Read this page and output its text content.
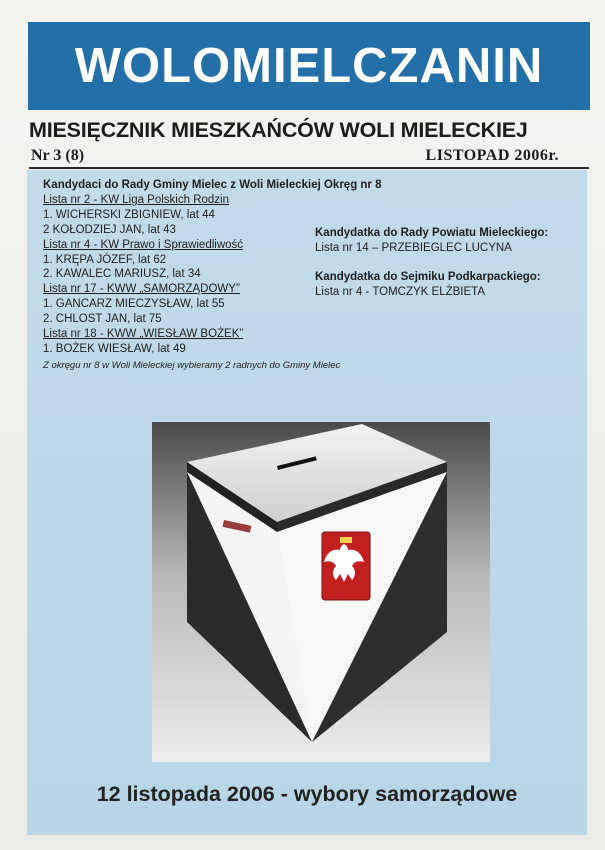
WOLOMIELCZANIN
MIESIĘCZNIK MIESZKAŃCÓW WOLI MIELECKIEJ
Nr 3 (8)	LISTOPAD 2006r.
Kandydaci do Rady Gminy Mielec z Woli Mieleckiej Okręg nr 8
Lista nr 2 - KW Liga Polskich Rodzin
1. WICHERSKI ZBIGNIEW, lat 44
2 KOŁODZIEJ JAN, lat 43
Lista nr 4 - KW Prawo i Sprawiedliwość
1. KRĘPA JÓZEF, lat 62
2. KAWALEC MARIUSZ, lat 34
Lista nr 17 - KWW „SAMORZĄDOWY”
1. GANCARZ MIECZYSŁAW, lat 55
2. CHLOST JAN, lat 75
Lista nr 18 - KWW „WIESŁAW BOŻEK”
1. BOŻEK WIESŁAW, lat 49
Z okręgu nr 8 w Woli Mieleckiej wybieramy 2 radnych do Gminy Mielec
Kandydatka do Rady Powiatu Mieleckiego:
Lista nr 14 – PRZEBIEGLEC LUCYNA
Kandydatka do Sejmiku Podkarpackiego:
Lista nr 4 - TOMCZYK ELŻBIETA
12 listopada 2006 - wybory samorządowe
